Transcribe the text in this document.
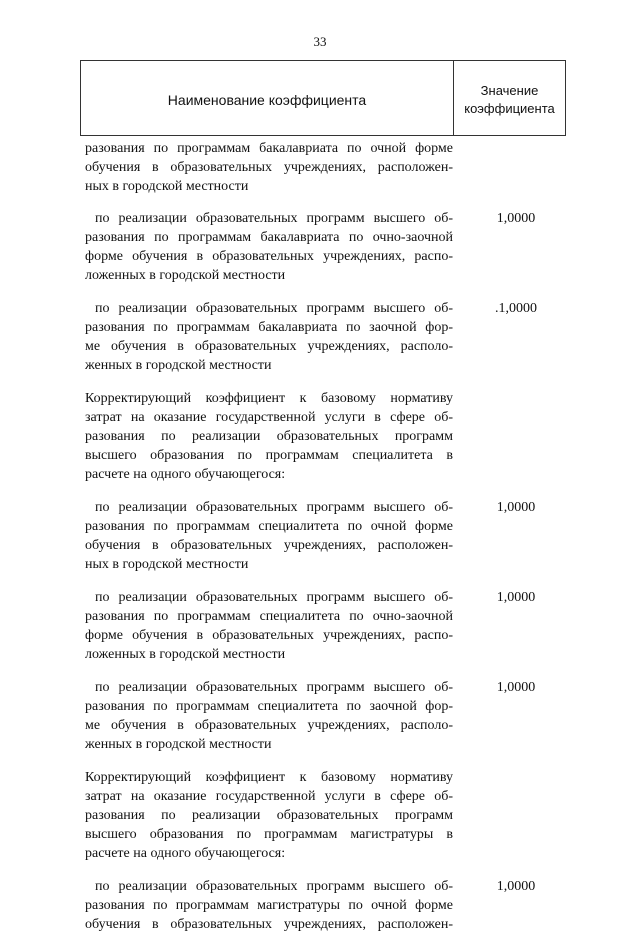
33
Наименование коэффициента
Значение
коэффициента
разования по программам бакалавриата по очной форме
обучения в образовательных учреждениях, расположен-
ных в городской местности
по реализации образовательных программ высшего об-
разования по программам бакалавриата по очно-заочной
форме обучения в образовательных учреждениях, распо-
ложенных в городской местности
1,0000
по реализации образовательных программ высшего об-
разования по программам бакалавриата по заочной фор-
ме обучения в образовательных учреждениях, располо-
женных в городской местности
.1,0000
Корректирующий коэффициент к базовому нормативу
затрат на оказание государственной услуги в сфере об-
разования по реализации образовательных программ
высшего образования по программам специалитета в
расчете на одного обучающегося:
по реализации образовательных программ высшего об-
разования по программам специалитета по очной форме
обучения в образовательных учреждениях, расположен-
ных в городской местности
1,0000
по реализации образовательных программ высшего об-
разования по программам специалитета по очно-заочной
форме обучения в образовательных учреждениях, распо-
ложенных в городской местности
1,0000
по реализации образовательных программ высшего об-
разования по программам специалитета по заочной фор-
ме обучения в образовательных учреждениях, располо-
женных в городской местности
1,0000
Корректирующий коэффициент к базовому нормативу
затрат на оказание государственной услуги в сфере об-
разования по реализации образовательных программ
высшего образования по программам магистратуры в
расчете на одного обучающегося:
по реализации образовательных программ высшего об-
разования по программам магистратуры по очной форме
обучения в образовательных учреждениях, расположен-
1,0000
